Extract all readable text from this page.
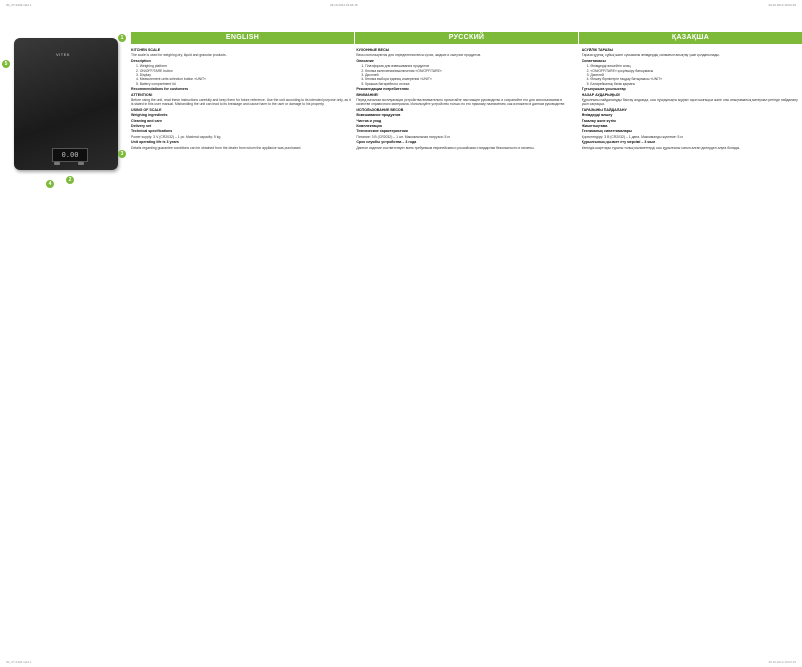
IM_VT-2403.indd 1	29.10.2014 19:04:15	29.10.2014 19:04:15
VITEK
0.00
1
5
2
4
3
ENGLISH	РУССКИЙ	ҚАЗАҚША
KITCHEN SCALE

The scale is used for weighing dry, liquid and granular products.

Description
• 1. Weighing platform
• 2. ON/OFF/TARE button
• 3. Display
• 4. Measurement units selection button «UNIT»
• 5. Battery compartment lid
Recommendations for customers
ATTENTION!

Before using the unit, read these instructions carefully and keep them for future reference. Use the unit according to its intended purpose only, as it is stated in this user manual. Mishandling the unit can lead to its breakage and cause harm to the user or damage to his property.

USING OF SCALE
Weighing ingredients
Cleaning and care
Delivery set
Technical specifications

Power supply: 3 V (CR2032) – 1 pc. Maximal capacity: 5 kg

Unit operating life is 3 years

Details regarding guarantee conditions can be obtained from the dealer from whom the appliance was purchased.

КУХОННЫЕ ВЕСЫ

Весы используются для определения веса сухих, жидких и сыпучих продуктов.

Описание
• 1. Платформа для взвешивания продуктов
• 2. Кнопка включения/выключения «ON/OFF/TARE»
• 3. Дисплей
• 4. Кнопка выбора единиц измерения «UNIT»
• 5. Крышка батарейного отсека
Рекомендации потребителям
ВНИМАНИЕ!

Перед началом эксплуатации устройства внимательно прочитайте настоящее руководство и сохраняйте его для использования в качестве справочного материала. Используйте устройство только по его прямому назначению, как изложено в данном руководстве.

ИСПОЛЬЗОВАНИЕ ВЕСОВ
Взвешивание продуктов
Чистка и уход
Комплектация
Технические характеристики

Питание: 3 В (CR2032) – 1 шт. Максимальная нагрузка: 5 кг

Срок службы устройства – 3 года

Данное изделие соответствует всем требуемым европейским и российским стандартам безопасности и гигиены.

АСҮЙЛІК ТАРАЗЫ

Тараза құрғақ, сұйық және сусымалы өнімдердің салмағын анықтау үшін қолданылады.

Сипаттамасы
• 1. Өнімдерді өлшейтін алаң
• 2. «ON/OFF/TARE» қосу/өшіру батырмасы
• 3. Дисплей
• 4. Өлшеу бірліктерін таңдау батырмасы «UNIT»
• 5. Батарейкалық бөлік қақпағы
Тұтынушыға ұсыныстар
НАЗАР АУДАРЫҢЫЗ!

Құрылғыны пайдалануды бастау алдында, осы нұсқаулықты мұқият оқып шығыңыз және оны анықтамалық материал ретінде пайдалану үшін сақтаңыз.

ТАРАЗЫНЫ ПАЙДАЛАНУ
Өнімдерді өлшеу
Тазалау және күтім
Жиынтықтама
Техникалық сипаттамалары

Қоректендіру: 3 В (CR2032) – 1 дана. Максималды жүктеме: 5 кг

Құрылғының қызмет ету мерзімі – 3 жыл

Кепілдік шарттары туралы толық мәліметтерді осы құрылғыны сатып алған дилерден алуға болады.

IM_VT-2403.indd 1	29.10.2014 19:04:15
